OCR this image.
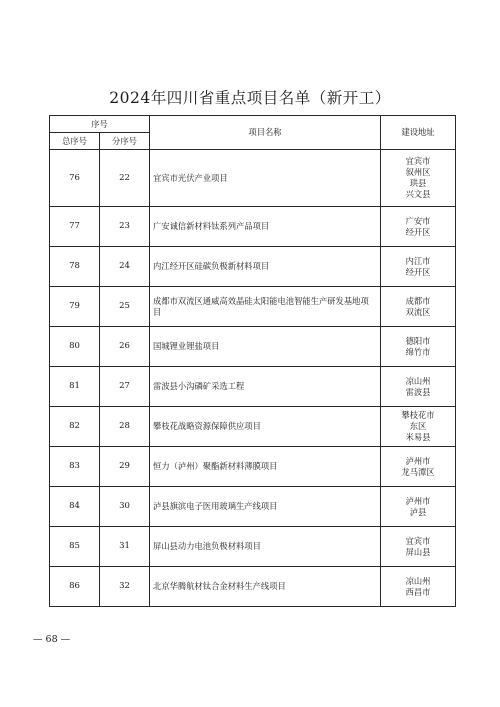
2024年四川省重点项目名单（新开工）
序号		项目名称	建设地址
总序号	分序号		
76	22	宜宾市光伏产业项目	宜宾市
叙州区
珙县
兴文县
77	23	广安诚信新材料钛系列产品项目	广安市
经开区
78	24	内江经开区硅碳负极新材料项目	内江市
经开区
79	25	成都市双流区通威高效晶硅太阳能电池智能生产研发基地项目	成都市
双流区
80	26	国城锂业锂盐项目	德阳市
绵竹市
81	27	雷波县小沟磷矿采选工程	凉山州
雷波县
82	28	攀枝花战略资源保障供应项目	攀枝花市
东区
米易县
83	29	恒力（泸州）聚酯新材料薄膜项目	泸州市
龙马潭区
84	30	泸县旗滨电子医用玻璃生产线项目	泸州市
泸县
85	31	屏山县动力电池负极材料项目	宜宾市
屏山县
86	32	北京华腾航材钛合金材料生产线项目	凉山州
西昌市
— 68 —
